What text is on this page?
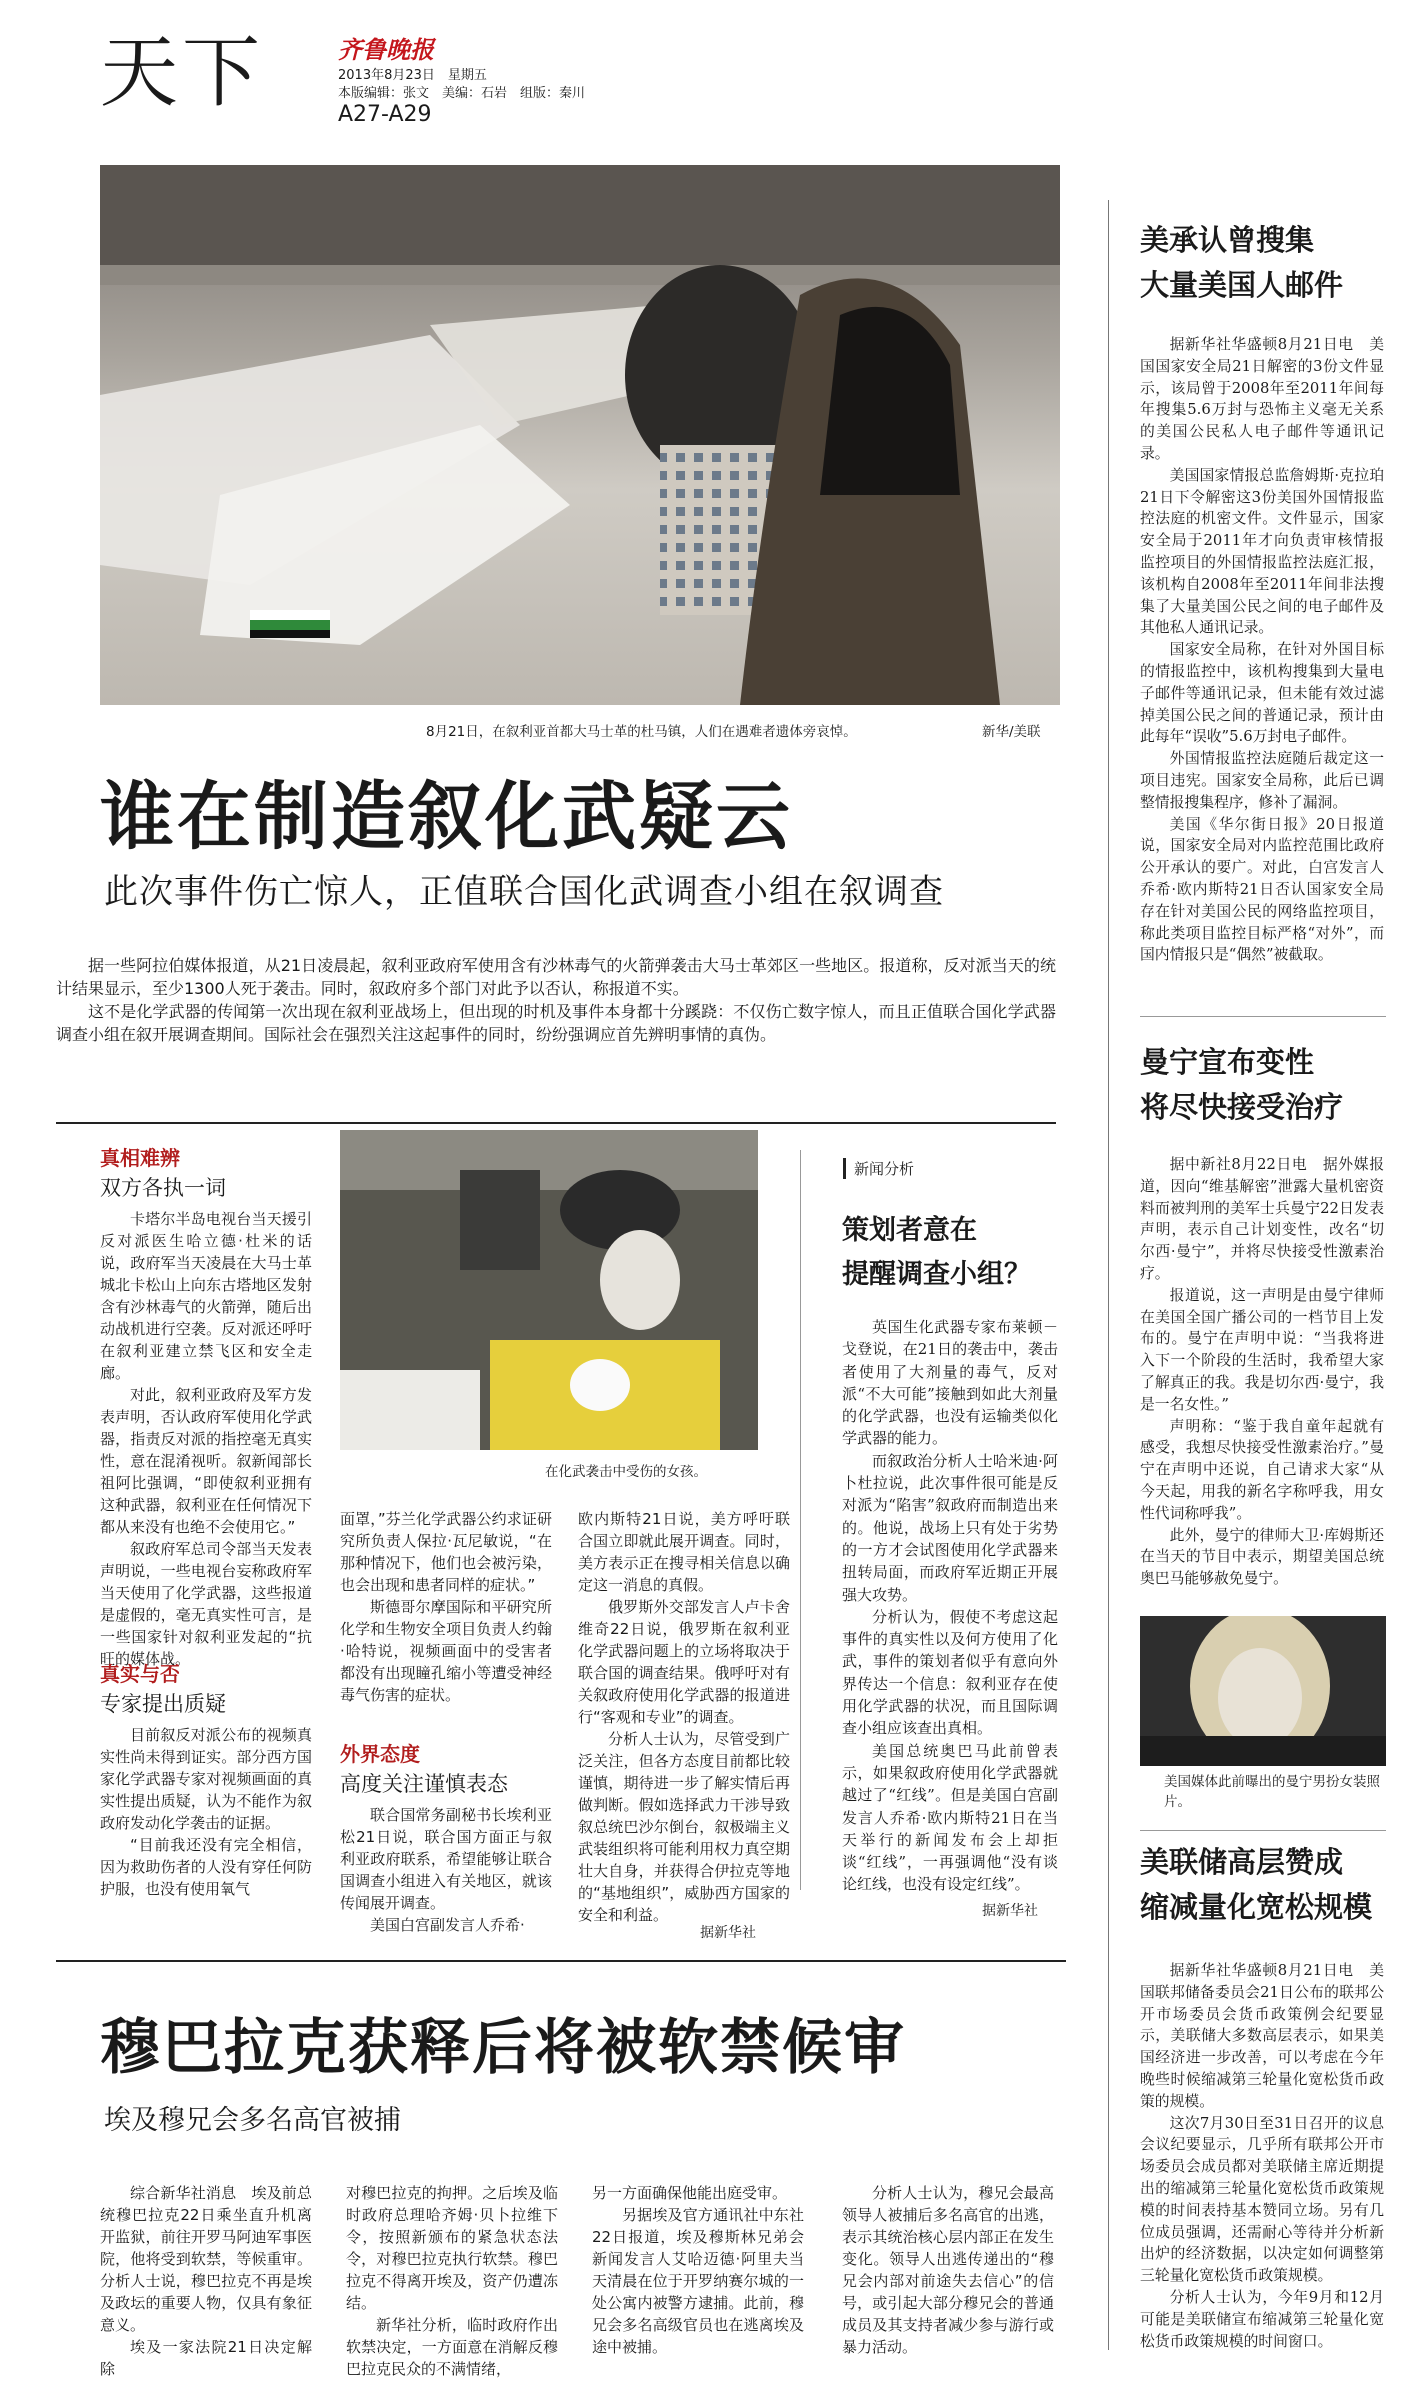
天下	齐鲁晚报
2013年8月23日　星期五
本版编辑：张文　美编：石岩　组版：秦川
A27-A29
8月21日，在叙利亚首都大马士革的杜马镇，人们在遇难者遗体旁哀悼。	新华/美联
谁在制造叙化武疑云
此次事件伤亡惊人，正值联合国化武调查小组在叙调查

据一些阿拉伯媒体报道，从21日凌晨起，叙利亚政府军使用含有沙林毒气的火箭弹袭击大马士革郊区一些地区。报道称，反对派当天的统计结果显示，至少1300人死于袭击。同时，叙政府多个部门对此予以否认，称报道不实。

这不是化学武器的传闻第一次出现在叙利亚战场上，但出现的时机及事件本身都十分蹊跷：不仅伤亡数字惊人，而且正值联合国化学武器调查小组在叙开展调查期间。国际社会在强烈关注这起事件的同时，纷纷强调应首先辨明事情的真伪。

真相难辨
双方各执一词

卡塔尔半岛电视台当天援引反对派医生哈立德·杜米的话说，政府军当天凌晨在大马士革城北卡松山上向东古塔地区发射含有沙林毒气的火箭弹，随后出动战机进行空袭。反对派还呼吁在叙利亚建立禁飞区和安全走廊。

对此，叙利亚政府及军方发表声明，否认政府军使用化学武器，指责反对派的指控毫无真实性，意在混淆视听。叙新闻部长祖阿比强调，“即使叙利亚拥有这种武器，叙利亚在任何情况下都从来没有也绝不会使用它。”

叙政府军总司令部当天发表声明说，一些电视台妄称政府军当天使用了化学武器，这些报道是虚假的，毫无真实性可言，是一些国家针对叙利亚发起的“抗旺的媒体战。

真实与否
专家提出质疑

目前叙反对派公布的视频真实性尚未得到证实。部分西方国家化学武器专家对视频画面的真实性提出质疑，认为不能作为叙政府发动化学袭击的证据。

“目前我还没有完全相信，因为救助伤者的人没有穿任何防护服，也没有使用氧气

在化武袭击中受伤的女孩。

面罩，”芬兰化学武器公约求证研究所负责人保拉·瓦尼敏说，“在那种情况下，他们也会被污染，也会出现和患者同样的症状。”

斯德哥尔摩国际和平研究所化学和生物安全项目负责人约翰·哈特说，视频画面中的受害者都没有出现瞳孔缩小等遭受神经毒气伤害的症状。

外界态度
高度关注谨慎表态

联合国常务副秘书长埃利亚松21日说，联合国方面正与叙利亚政府联系，希望能够让联合国调查小组进入有关地区，就该传闻展开调查。

美国白宫副发言人乔希·

欧内斯特21日说，美方呼吁联合国立即就此展开调查。同时，美方表示正在搜寻相关信息以确定这一消息的真假。

俄罗斯外交部发言人卢卡舍维奇22日说，俄罗斯在叙利亚化学武器问题上的立场将取决于联合国的调查结果。俄呼吁对有关叙政府使用化学武器的报道进行“客观和专业”的调查。

分析人士认为，尽管受到广泛关注，但各方态度目前都比较谨慎，期待进一步了解实情后再做判断。假如选择武力干涉导致叙总统巴沙尔倒台，叙极端主义武装组织将可能利用权力真空期壮大自身，并获得合伊拉克等地的“基地组织”，威胁西方国家的安全和利益。

据新华社
新闻分析
策划者意在
提醒调查小组？

英国生化武器专家布莱顿－戈登说，在21日的袭击中，袭击者使用了大剂量的毒气，反对派“不大可能”接触到如此大剂量的化学武器，也没有运输类似化学武器的能力。

而叙政治分析人士哈米迪·阿卜杜拉说，此次事件很可能是反对派为“陷害”叙政府而制造出来的。他说，战场上只有处于劣势的一方才会试图使用化学武器来扭转局面，而政府军近期正开展强大攻势。

分析认为，假使不考虑这起事件的真实性以及何方使用了化武，事件的策划者似乎有意向外界传达一个信息：叙利亚存在使用化学武器的状况，而且国际调查小组应该查出真相。

美国总统奥巴马此前曾表示，如果叙政府使用化学武器就越过了“红线”。但是美国白宫副发言人乔希·欧内斯特21日在当天举行的新闻发布会上却拒谈“红线”，一再强调他“没有谈论红线，也没有设定红线”。

据新华社
穆巴拉克获释后将被软禁候审
埃及穆兄会多名高官被捕

综合新华社消息　埃及前总统穆巴拉克22日乘坐直升机离开监狱，前往开罗马阿迪军事医院，他将受到软禁，等候重审。分析人士说，穆巴拉克不再是埃及政坛的重要人物，仅具有象征意义。

埃及一家法院21日决定解除

对穆巴拉克的拘押。之后埃及临时政府总理哈齐姆·贝卜拉维下令，按照新颁布的紧急状态法令，对穆巴拉克执行软禁。穆巴拉克不得离开埃及，资产仍遭冻结。

新华社分析，临时政府作出软禁决定，一方面意在消解反穆巴拉克民众的不满情绪，

另一方面确保他能出庭受审。

另据埃及官方通讯社中东社22日报道，埃及穆斯林兄弟会新闻发言人艾哈迈德·阿里夫当天清晨在位于开罗纳赛尔城的一处公寓内被警方逮捕。此前，穆兄会多名高级官员也在逃离埃及途中被捕。

分析人士认为，穆兄会最高领导人被捕后多名高官的出逃，表示其统治核心层内部正在发生变化。领导人出逃传递出的“穆兄会内部对前途失去信心”的信号，或引起大部分穆兄会的普通成员及其支持者减少参与游行或暴力活动。

美承认曾搜集
大量美国人邮件

据新华社华盛顿8月21日电　美国国家安全局21日解密的3份文件显示，该局曾于2008年至2011年间每年搜集5.6万封与恐怖主义毫无关系的美国公民私人电子邮件等通讯记录。

美国国家情报总监詹姆斯·克拉珀21日下令解密这3份美国外国情报监控法庭的机密文件。文件显示，国家安全局于2011年才向负责审核情报监控项目的外国情报监控法庭汇报，该机构自2008年至2011年间非法搜集了大量美国公民之间的电子邮件及其他私人通讯记录。

国家安全局称，在针对外国目标的情报监控中，该机构搜集到大量电子邮件等通讯记录，但未能有效过滤掉美国公民之间的普通记录，预计由此每年“误收”5.6万封电子邮件。

外国情报监控法庭随后裁定这一项目违宪。国家安全局称，此后已调整情报搜集程序，修补了漏洞。

美国《华尔街日报》20日报道说，国家安全局对内监控范围比政府公开承认的要广。对此，白宫发言人乔希·欧内斯特21日否认国家安全局存在针对美国公民的网络监控项目，称此类项目监控目标严格“对外”，而国内情报只是“偶然”被截取。

曼宁宣布变性
将尽快接受治疗

据中新社8月22日电　据外媒报道，因向“维基解密”泄露大量机密资料而被判刑的美军士兵曼宁22日发表声明，表示自己计划变性，改名“切尔西·曼宁”，并将尽快接受性激素治疗。

报道说，这一声明是由曼宁律师在美国全国广播公司的一档节目上发布的。曼宁在声明中说：“当我将进入下一个阶段的生活时，我希望大家了解真正的我。我是切尔西·曼宁，我是一名女性。”

声明称：“鉴于我自童年起就有感受，我想尽快接受性激素治疗。”曼宁在声明中还说，自己请求大家“从今天起，用我的新名字称呼我，用女性代词称呼我”。

此外，曼宁的律师大卫·库姆斯还在当天的节目中表示，期望美国总统奥巴马能够赦免曼宁。

美国媒体此前曝出的曼宁男扮女装照片。
美联储高层赞成
缩减量化宽松规模

据新华社华盛顿8月21日电　美国联邦储备委员会21日公布的联邦公开市场委员会货币政策例会纪要显示，美联储大多数高层表示，如果美国经济进一步改善，可以考虑在今年晚些时候缩减第三轮量化宽松货币政策的规模。

这次7月30日至31日召开的议息会议纪要显示，几乎所有联邦公开市场委员会成员都对美联储主席近期提出的缩减第三轮量化宽松货币政策规模的时间表持基本赞同立场。另有几位成员强调，还需耐心等待并分析新出炉的经济数据，以决定如何调整第三轮量化宽松货币政策规模。

分析人士认为，今年9月和12月可能是美联储宣布缩减第三轮量化宽松货币政策规模的时间窗口。
